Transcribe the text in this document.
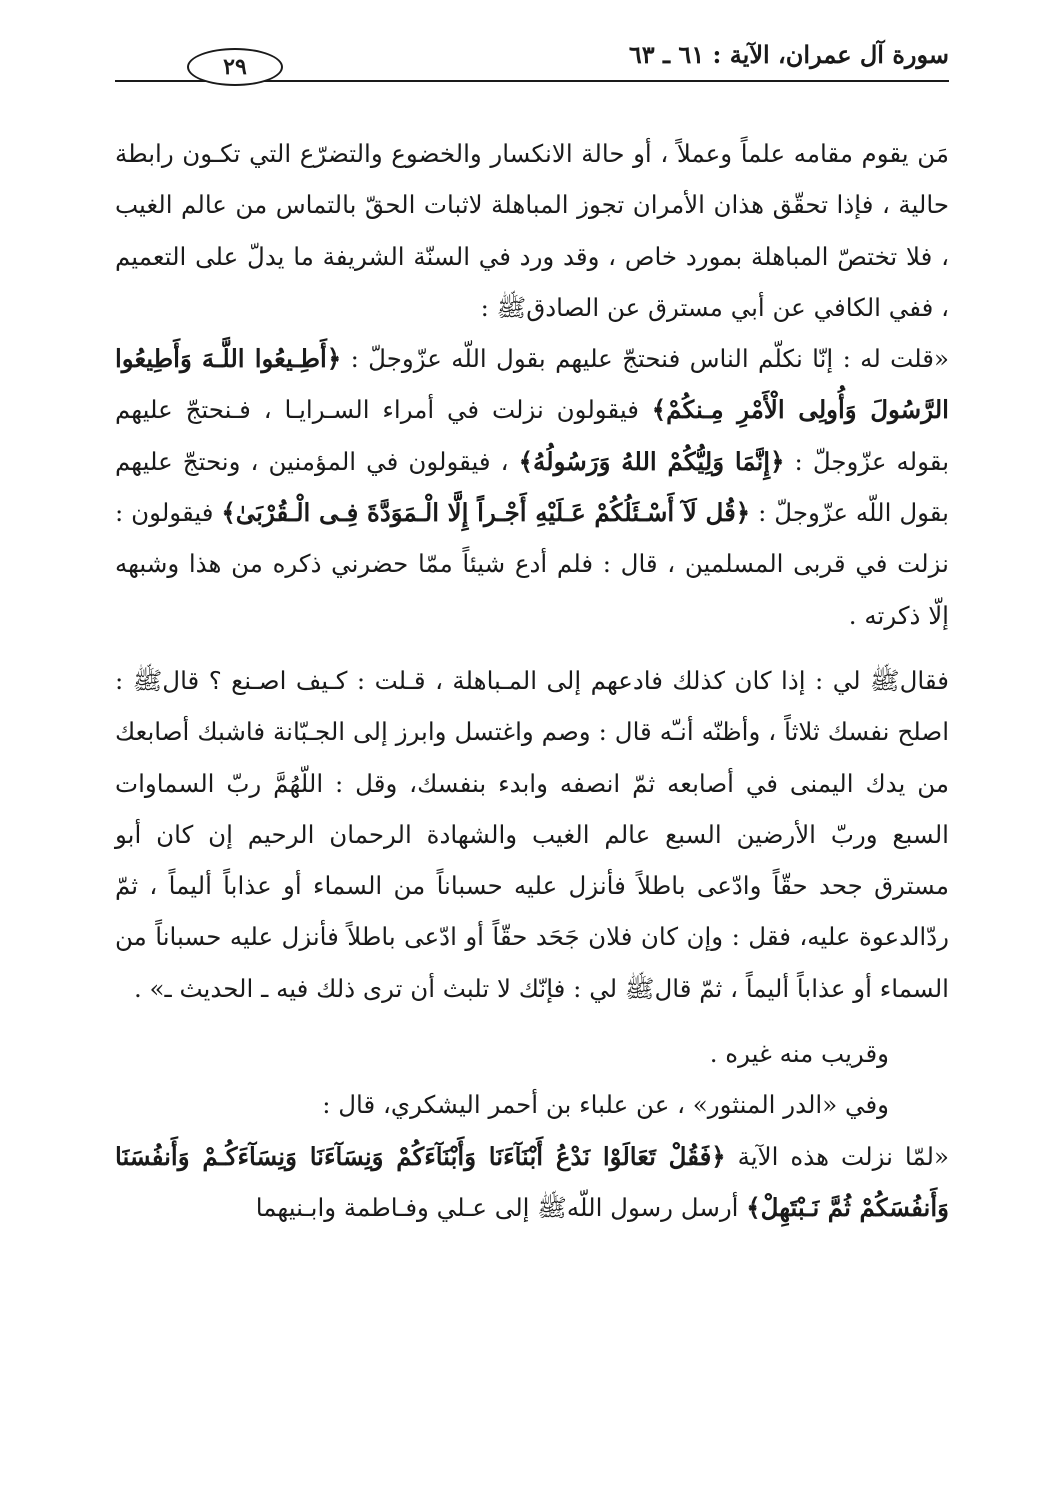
سورة آل عمران، الآية : ٦١ ـ ٦٣
٢٩

مَن يقوم مقامه علماً وعملاً ، أو حالة الانكسار والخضوع والتضرّع التي تكـون رابطة حالية ، فإذا تحقّق هذان الأمران تجوز المباهلة لاثبات الحقّ بالتماس من عالم الغيب ، فلا تختصّ المباهلة بمورد خاص ، وقد ورد في السنّة الشريفة ما يدلّ على التعميم ، ففي الكافي عن أبي مسترق عن الصادقﷺ :

«قلت له : إنّا نكلّم الناس فنحتجّ عليهم بقول اللّه عزّوجلّ : ﴿أَطِـيعُوا اللَّـهَ وَأَطِيعُوا الرَّسُولَ وَأُولِى الْأَمْرِ مِـنكُمْ﴾ فيقولون نزلت في أمراء السـرايـا ، فـنحتجّ عليهم بقوله عزّوجلّ : ﴿إِنَّمَا وَلِيُّكُمْ اللهُ وَرَسُولُهُ﴾ ، فيقولون في المؤمنين ، ونحتجّ عليهم بقول اللّه عزّوجلّ : ﴿قُل لَآ أَسْـئَلُكُمْ عَـلَيْهِ أَجْـراً إِلَّا الْـمَوَدَّةَ فِـى الْـقُرْبَىٰ﴾ فيقولون : نزلت في قربى المسلمين ، قال : فلم أدع شيئاً ممّا حضرني ذكره من هذا وشبهه إلّا ذكرته .

فقالﷺ لي : إذا كان كذلك فادعهم إلى المـباهلة ، قـلت : كـيف اصـنع ؟ قالﷺ : اصلح نفسك ثلاثاً ، وأظنّه أنـّه قال : وصم واغتسل وابرز إلى الجـبّانة فاشبك أصابعك من يدك اليمنى في أصابعه ثمّ انصفه وابدء بنفسك، وقل : اللّهُمَّ ربّ السماوات السبع وربّ الأرضين السبع عالم الغيب والشهادة الرحمان الرحيم إن كان أبو مسترق جحد حقّاً وادّعى باطلاً فأنزل عليه حسباناً من السماء أو عذاباً أليماً ، ثمّ ردّالدعوة عليه، فقل : وإن كان فلان جَحَد حقّاً أو ادّعى باطلاً فأنزل عليه حسباناً من السماء أو عذاباً أليماً ، ثمّ قالﷺ لي : فإنّك لا تلبث أن ترى ذلك فيه ـ الحديث ـ» .

وقريب منه غيره .

وفي «الدر المنثور» ، عن علباء بن أحمر اليشكري، قال :

«لمّا نزلت هذه الآية ﴿فَقُلْ تَعَالَوْا نَدْعُ أَبْنَآءَنَا وَأَبْنَآءَكُمْ وَنِسَآءَنَا وَنِسَآءَكُـمْ وَأَنفُسَنَا وَأَنفُسَكُمْ ثُمَّ نَـبْتَهِلْ﴾ أرسل رسول اللّهﷺ إلى عـلي وفـاطمة وابـنيهما
